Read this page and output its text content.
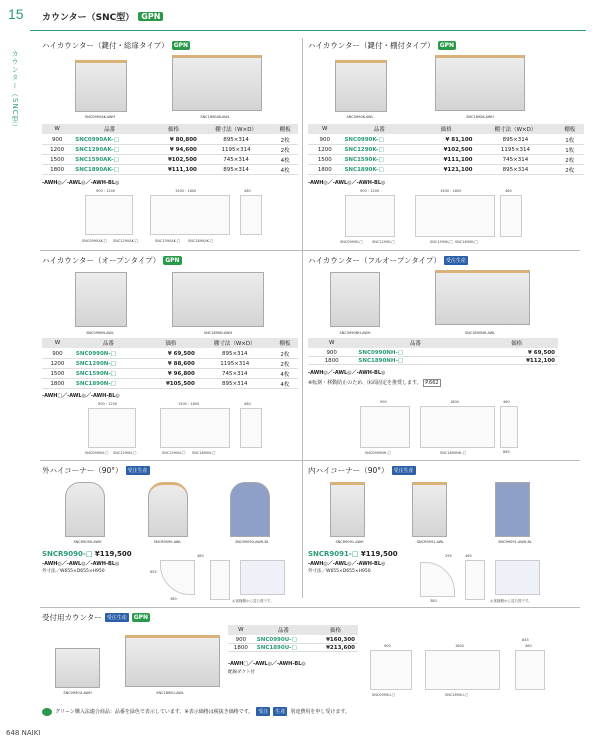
15 カウンター（SNC型） GPN
カウンター（SNC型）
ハイカウンター（鍵付・総扉タイプ） GPN
SNC0990AK-AWH	SNC1890AK-AWL
W	品番	価格	棚寸法（W×D）	棚板
900	SNC0990AK-□	¥ 80,800	895×314	2枚
1200	SNC1290AK-□	¥ 94,600	1195×314	2枚
1500	SNC1590AK-□	¥102,500	745×314	4枚
1800	SNC1890AK-□	¥111,100	895×314	4枚
-AWH◎／-AWL◎／-AWH-BL◎
900・1200	1500・1800	460
SNC0990AK-□ SNC1290AK-□	SNC1590AK-□ SNC1890AK-□
ハイカウンター（鍵付・棚付タイプ） GPN
SNC0990K-AWL	SNC1890K-AWH
W	品番	価格	棚寸法（W×D）	棚板
900	SNC0990K-□	¥ 81,100	895×314	1枚
1200	SNC1290K-□	¥102,500	1195×314	1枚
1500	SNC1590K-□	¥111,100	745×314	2枚
1800	SNC1890K-□	¥121,100	895×314	2枚
-AWH◎／-AWL◎／-AWH-BL◎
900・1200	1500・1800	460
SNC0990K-□	SNC1290K-□	SNC1590K-□ SNC1890K-□
ハイカウンター（オープンタイプ） GPN
SNC0990N-AWL	SNC1890N-AWH
W	品番	価格	棚寸法（W×D）	棚板
900	SNC0990N-□	¥ 69,500	895×314	2枚
1200	SNC1290N-□	¥ 88,600	1195×314	2枚
1500	SNC1590N-□	¥ 96,800	745×314	4枚
1800	SNC1890N-□	¥105,500	895×314	4枚
-AWH□／-AWL◎／-AWH-BL◎
900・1200	1500・1800	460
SNC0990N-□ SNC1290N-□	SNC1590N-□ SNC1890N-□
ハイカウンター（フルオープンタイプ）	受注生産
SNC0990NH-AWH	SNC1890NH-AWL
W	品番	価格
900	SNC0990NH-□	¥ 69,500
1800	SNC1890NH-□	¥112,100
-AWH◎／-AWL◎／-AWH-BL◎
※転倒・移動防止のため、床面固定を推奨します。 P.662
900	1800	460
865
SNC0990NH-□	SNC1890NH-□
外ハイコーナー（90°）	受注生産
SNCR9090-AWH	SNCR9090-AWL	SNCR9090-AWH-BL
SNCR9090-□ ¥119,500
-AWH◎／-AWL◎／-AWH-BL◎
外寸法／W655×D655×H950
480
655
380	お客様側から見た図です。
内ハイコーナー（90°）	受注生産
SNCR9091-AWH	SNCR9091-AWL	SNCR9091-AWH-BL
SNCR9091-□ ¥119,500
-AWH◎／-AWL◎／-AWH-BL◎
外寸法／W655×D655×H950
295	460
380	お客様側から見た図です。
受付用カウンター	受注生産	GPN
SNC0990U-AWH	SNC1890U-AWL
W	品番	価格
900	SNC0990U-□	¥160,300
1800	SNC1890U-□	¥213,600
-AWH□／-AWL◎／-AWH-BL◎
配線ダクト付
900	1800
845
460
SNC0990U-□	SNC1890U-□
グリーン購入法適合商品：品番を緑色で表示しています。※表示価格は税抜き価格です。	受注	生産	別途費用を申し受けます。
648 NAIKI
